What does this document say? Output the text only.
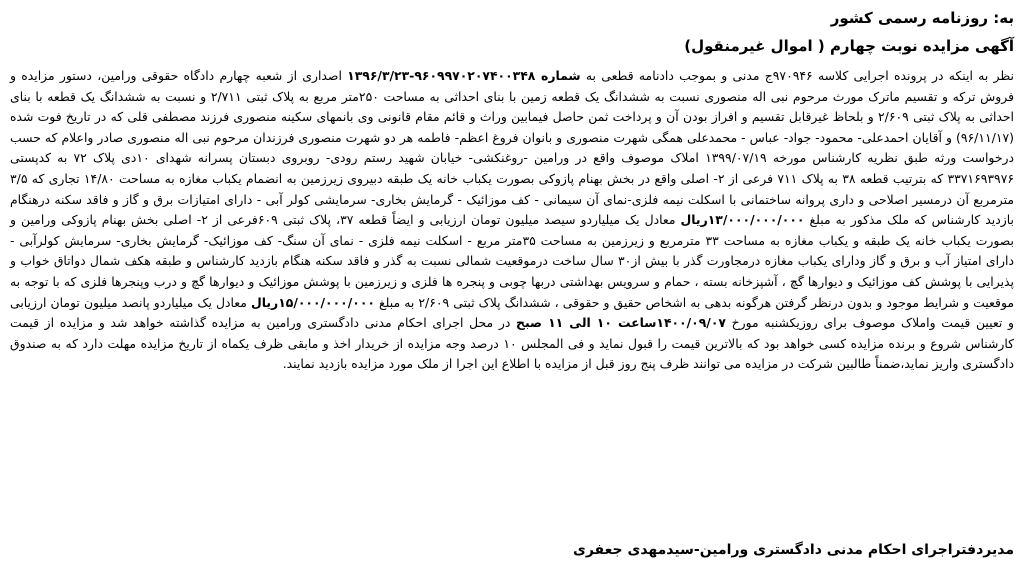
به: روزنامه رسمی کشور

آگهی مزایده نوبت چهارم ( اموال غیرمنقول)

نظر به اینکه در پرونده اجرایی کلاسه ۹۷۰۹۴۶ج مدنی و بموجب دادنامه قطعی به شماره ۹۶۰۹۹۷۰۲۰۷۴۰۰۳۴۸-۱۳۹۶/۳/۲۳ اصداری از شعبه چهارم دادگاه حقوقی ورامین، دستور مزایده و فروش ترکه و تقسیم ماترک مورث مرحوم نبی اله منصوری نسبت به ششدانگ یک قطعه زمین با بنای احداثی به مساحت ۲۵۰متر مربع به پلاک ثبتی ۲/۷۱۱ و نسبت به ششدانگ یک قطعه با بنای احداثی به پلاک ثبتی ۲/۶۰۹ و بلحاظ غیرقابل تقسیم و افراز بودن آن و پرداخت ثمن حاصل فیمابین وراث و قائم مقام قانونی وی بانمهای سکینه منصوری فرزند مصطفی قلی که در تاریخ فوت شده (۹۶/۱۱/۱۷) و آقایان احمدعلی- محمود- جواد- عباس - محمدعلی همگی شهرت منصوری و بانوان فروغ اعظم- فاطمه هر دو شهرت منصوری فرزندان مرحوم نبی اله منصوری صادر واعلام که حسب درخواست ورثه طبق نظریه کارشناس مورخه ۱۳۹۹/۰۷/۱۹ املاک موصوف واقع در ورامین -روغنکشی- خیابان شهید رستم رودی- روبروی دبستان پسرانه شهدای ۱۰دی پلاک ۷۲ به کدپستی ۳۳۷۱۶۹۳۹۷۶ که بترتیب قطعه ۳۸ به پلاک ۷۱۱ فرعی از ۲- اصلی واقع در بخش بهنام پازوکی بصورت یکباب خانه یک طبقه دبیروی زیرزمین به انضمام یکباب مغازه به مساحت ۱۴/۸۰ تجاری که ۳/۵ مترمربع آن درمسیر اصلاحی و داری پروانه ساختمانی با اسکلت نیمه فلزی-نمای آن سیمانی - کف موزائیک - گرمایش بخاری- سرمایشی کولر آبی - دارای امتیازات برق و گاز و فاقد سکنه درهنگام بازدید کارشناس که ملک مذکور به مبلغ ۱۳/۰۰۰/۰۰۰/۰۰۰ریال معادل یک میلیاردو سیصد میلیون تومان ارزیابی و ایضاً قطعه ۳۷، پلاک ثبتی ۶۰۹فرعی از ۲- اصلی بخش بهنام پازوکی ورامین و بصورت یکباب خانه یک طبقه و یکباب مغازه به مساحت ۳۳ مترمربع و زیرزمین به مساحت ۳۵متر مربع - اسکلت نیمه فلزی - نمای آن سنگ- کف موزائیک- گرمایش بخاری- سرمایش کولرآبی - دارای امتیاز آب و برق و گاز ودارای یکباب مغازه درمجاورت گذر با بیش از۳۰ سال ساخت درموقعیت شمالی نسبت به گذر و فاقد سکنه هنگام بازدید کارشناس و طبقه هکف شمال دواتاق خواب و پذیرایی با پوشش کف موزائیک و دیوارها گچ ، آشپزخانه بسته ، حمام و سرویس بهداشتی دربها چوبی و پنجره ها فلزی و زیرزمین با پوشش موزائیک و دیوارها گچ و درب وپنجرها فلزی که با توجه به موقعیت و شرایط موجود و بدون درنظر گرفتن هرگونه بدهی به اشخاص حقیق و حقوقی ، ششدانگ پلاک ثبتی ۲/۶۰۹ به مبلغ ۱۵/۰۰۰/۰۰۰/۰۰۰ریال معادل یک میلیاردو پانصد میلیون تومان ارزیابی و تعیین قیمت واملاک موصوف برای روزیکشنبه مورخ ۱۴۰۰/۰۹/۰۷ساعت ۱۰ الی ۱۱ صبح در محل اجرای احکام مدنی دادگستری ورامین به مزایده گذاشته خواهد شد و مزایده از قیمت کارشناس شروع و برنده مزایده کسی خواهد بود که بالاترین قیمت را قبول نماید و فی المجلس ۱۰ درصد وجه مزایده از خریدار اخذ و مابقی ظرف یکماه از تاریخ مزایده مهلت دارد که به صندوق دادگستری واریز نماید،ضمناً طالبین شرکت در مزایده می توانند ظرف پنج روز قبل از مزایده با اطلاع این اجرا از ملک مورد مزایده بازدید نمایند.

مدیردفتراجرای احکام مدنی دادگستری ورامین-سیدمهدی جعفری
